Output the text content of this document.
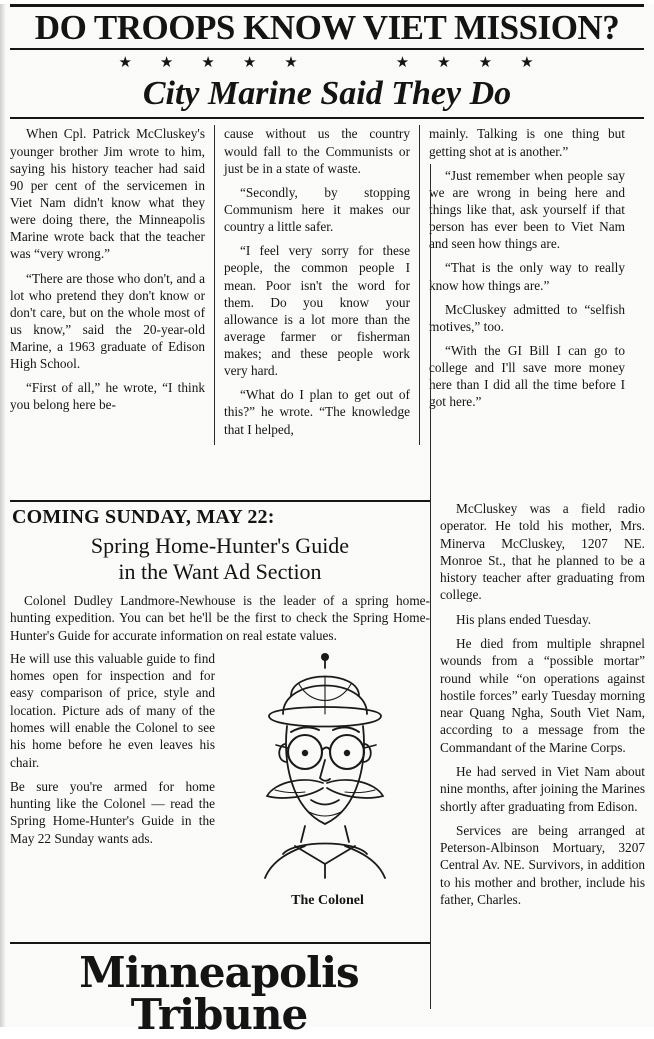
DO TROOPS KNOW VIET MISSION?
★ ★ ★ ★ ★	★ ★ ★ ★
City Marine Said They Do

When Cpl. Patrick McCluskey's younger brother Jim wrote to him, saying his history teacher had said 90 per cent of the servicemen in Viet Nam didn't know what they were doing there, the Minneapolis Marine wrote back that the teacher was “very wrong.”

“There are those who don't, and a lot who pretend they don't know or don't care, but on the whole most of us know,” said the 20-year-old Marine, a 1963 graduate of Edison High School.

“First of all,” he wrote, “I think you belong here be-

cause without us the country would fall to the Communists or just be in a state of waste.

“Secondly, by stopping Communism here it makes our country a little safer.

“I feel very sorry for these people, the common people I mean. Poor isn't the word for them. Do you know your allowance is a lot more than the average farmer or fisherman makes; and these people work very hard.

“What do I plan to get out of this?” he wrote. “The knowledge that I helped,

mainly. Talking is one thing but getting shot at is another.”

“Just remember when people say we are wrong in being here and things like that, ask yourself if that person has ever been to Viet Nam and seen how things are.

“That is the only way to really know how things are.”

McCluskey admitted to “selfish motives,” too.

“With the GI Bill I can go to college and I'll save more money here than I did all the time before I got here.”

COMING SUNDAY, MAY 22:
Spring Home-Hunter's Guide
in the Want Ad Section

Colonel Dudley Landmore-Newhouse is the leader of a spring home-hunting expedition. You can bet he'll be the first to check the Spring Home-Hunter's Guide for accurate information on real estate values.

He will use this valuable guide to find homes open for inspection and for easy comparison of price, style and location. Picture ads of many of the homes will enable the Colonel to see his home before he even leaves his chair.

Be sure you're armed for home hunting like the Colonel — read the Spring Home-Hunter's Guide in the May 22 Sunday wants ads.

The Colonel

McCluskey was a field radio operator. He told his mother, Mrs. Minerva McCluskey, 1207 NE. Monroe St., that he planned to be a history teacher after graduating from college.

His plans ended Tuesday.

He died from multiple shrapnel wounds from a “possible mortar” round while “on operations against hostile forces” early Tuesday morning near Quang Ngha, South Viet Nam, according to a message from the Commandant of the Marine Corps.

He had served in Viet Nam about nine months, after joining the Marines shortly after graduating from Edison.

Services are being arranged at Peterson-Albinson Mortuary, 3207 Central Av. NE. Survivors, in addition to his mother and brother, include his father, Charles.

Minneapolis Tribune
